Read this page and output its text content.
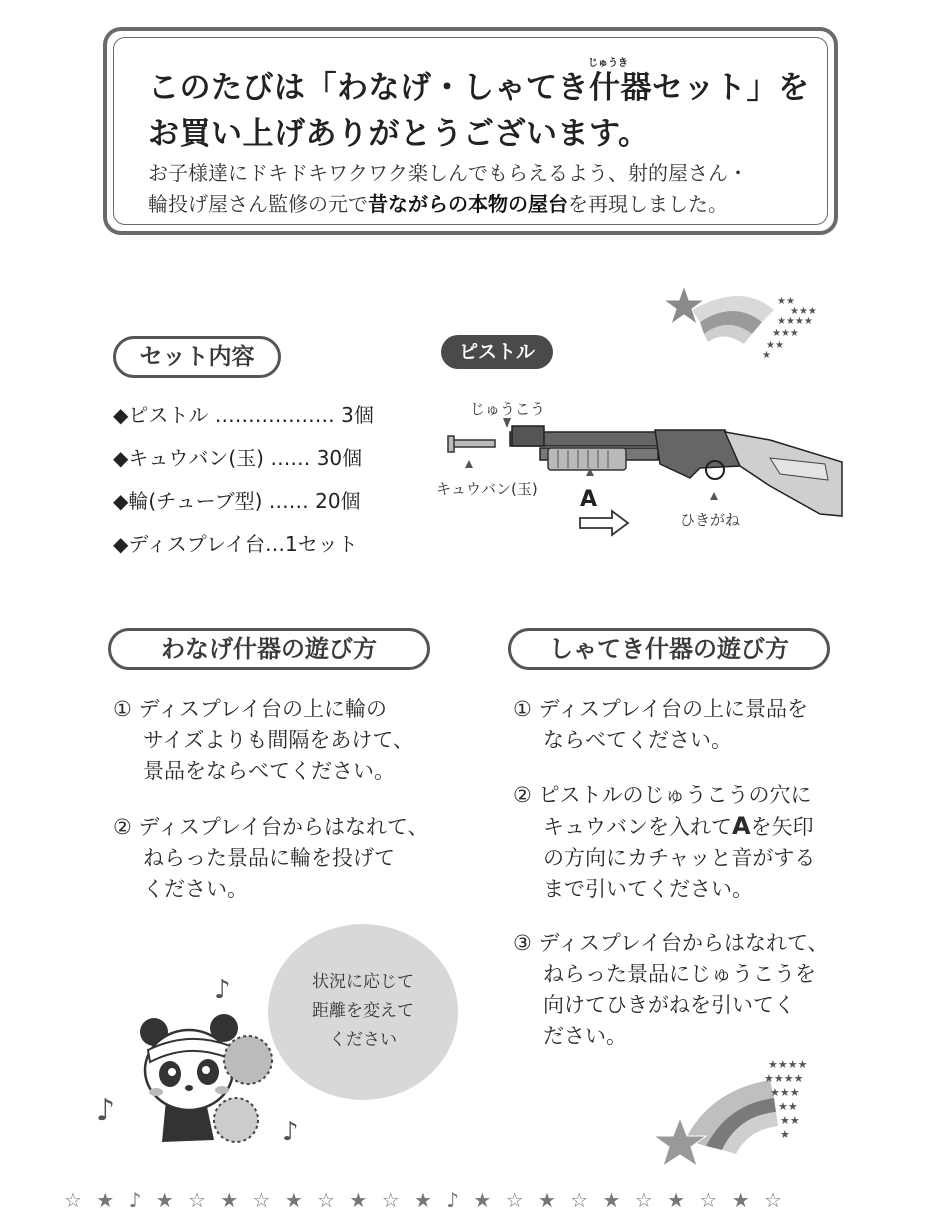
じゅうき
このたびは「わなげ・しゃてき什器セット」を
お買い上げありがとうございます。
お子様達にドキドキワクワク楽しんでもらえるよう、射的屋さん・
輪投げ屋さん監修の元で昔ながらの本物の屋台を再現しました。
★★
★★★
★★★★
★★★
★★
★
セット内容
◆ピストル ……………… 3個
◆キュウバン(玉) …… 30個
◆輪(チューブ型) …… 20個
◆ディスプレイ台…1セット
ピストル
じゅうこう
キュウバン(玉) A
ひきがね
わなげ什器の遊び方
① ディスプレイ台の上に輪の
サイズよりも間隔をあけて、
景品をならべてください。
② ディスプレイ台からはなれて、
ねらった景品に輪を投げて
ください。
しゃてき什器の遊び方
① ディスプレイ台の上に景品を
ならべてください。
② ピストルのじゅうこうの穴に
キュウバンを入れてAを矢印
の方向にカチャッと音がする
まで引いてください。
③ ディスプレイ台からはなれて、
ねらった景品にじゅうこうを
向けてひきがねを引いてく
ださい。
状況に応じて
距離を変えて
ください
♪
♪
♪
★★★★
★★★★
★★★
★★
★★
★
☆ ★ ♪ ★ ☆ ★ ☆ ★ ☆ ★ ☆ ★ ♪ ★ ☆ ★ ☆ ★ ☆ ★ ☆ ★ ☆
